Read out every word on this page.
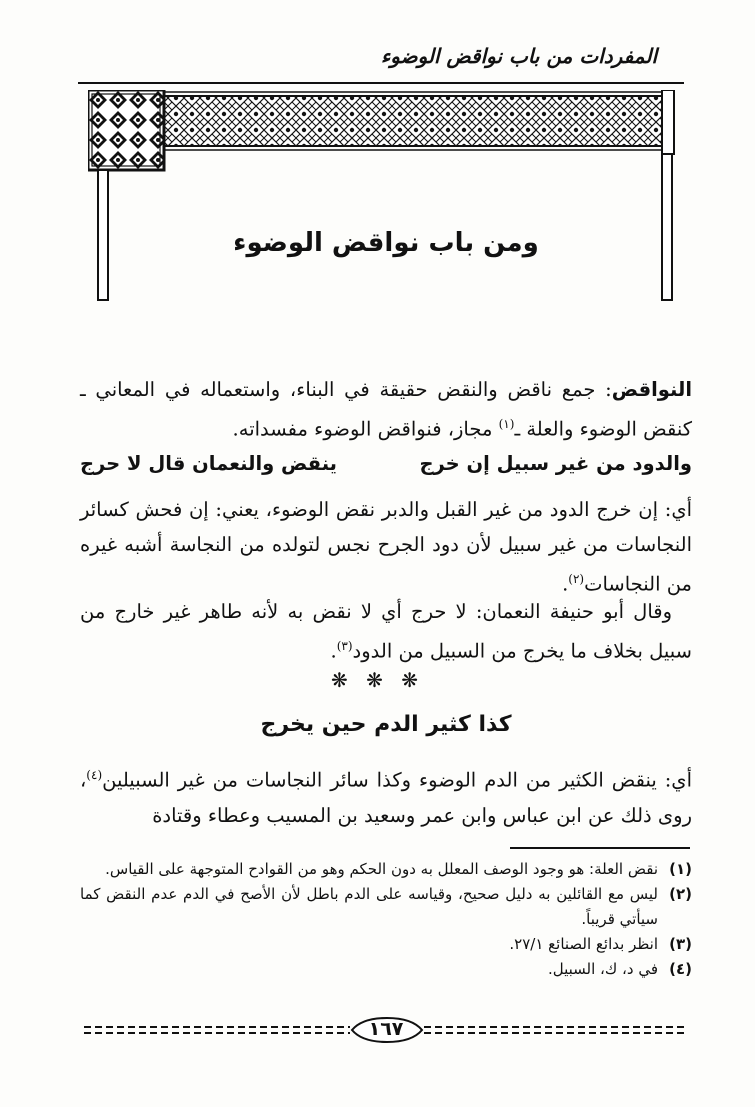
المفردات من باب نواقض الوضوء
ومن باب نواقض الوضوء
النواقض: جمع ناقض والنقض حقيقة في البناء، واستعماله في المعاني ـ كنقض الوضوء والعلة ـ$^{(١)}$ مجاز، فنواقض الوضوء مفسداته.
والدود من غير سبيل إن خرج
ينقض والنعمان قال لا حرج
أي: إن خرج الدود من غير القبل والدبر نقض الوضوء، يعني: إن فحش كسائر النجاسات من غير سبيل لأن دود الجرح نجس لتولده من النجاسة أشبه غيره من النجاسات$^{(٢)}$.
وقال أبو حنيفة النعمان: لا حرج أي لا نقض به لأنه طاهر غير خارج من سبيل بخلاف ما يخرج من السبيل من الدود$^{(٣)}$.
❋ ❋ ❋
كذا كثير الدم حين يخرج
أي: ينقض الكثير من الدم الوضوء وكذا سائر النجاسات من غير السبيلين$^{(٤)}$، روى ذلك عن ابن عباس وابن عمر وسعيد بن المسيب وعطاء وقتادة
(١)
نقض العلة: هو وجود الوصف المعلل به دون الحكم وهو من القوادح المتوجهة على القياس.
(٢)
ليس مع القائلين به دليل صحيح، وقياسه على الدم باطل لأن الأصح في الدم عدم النقض كما سيأتي قريباً.
(٣)
انظر بدائع الصنائع ٢٧/١.
(٤)
في د، ك، السبيل.
١٦٧
